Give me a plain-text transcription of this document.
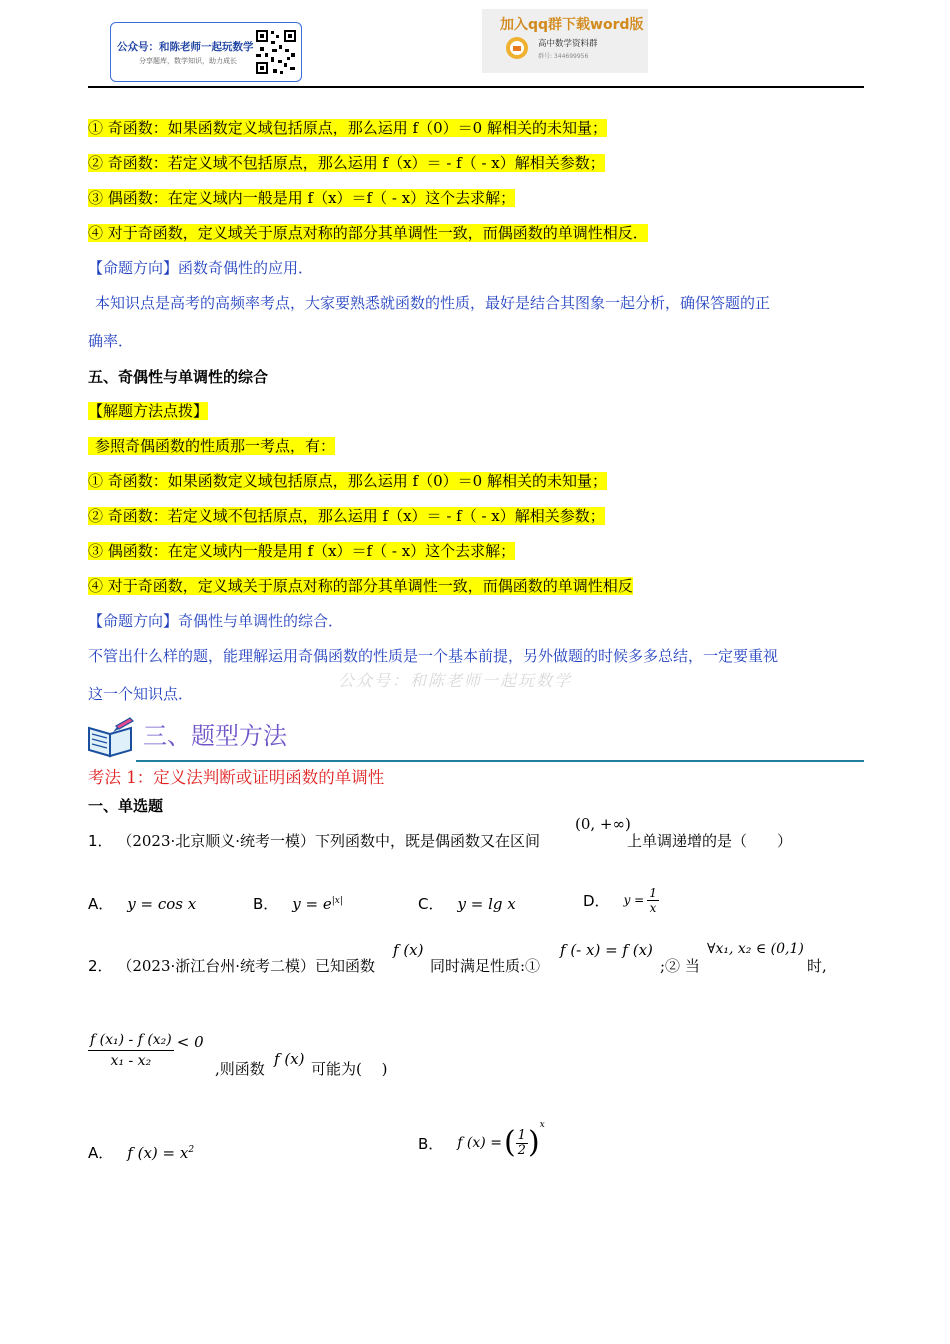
公众号：和陈老师一起玩数学
分享题库，数学知识，助力成长
加入qq群下载word版
高中数学资料群
群号: 344699956
① 奇函数：如果函数定义域包括原点，那么运用 f（0）＝0 解相关的未知量；
② 奇函数：若定义域不包括原点，那么运用 f（x）＝ - f（ - x）解相关参数；
③ 偶函数：在定义域内一般是用 f（x）＝f（ - x）这个去求解；
④ 对于奇函数，定义域关于原点对称的部分其单调性一致，而偶函数的单调性相反．
【命题方向】函数奇偶性的应用．
本知识点是高考的高频率考点，大家要熟悉就函数的性质，最好是结合其图象一起分析，确保答题的正
确率．
五、奇偶性与单调性的综合
【解题方法点拨】
参照奇偶函数的性质那一考点，有：
① 奇函数：如果函数定义域包括原点，那么运用 f（0）＝0 解相关的未知量；
② 奇函数：若定义域不包括原点，那么运用 f（x）＝ - f（ - x）解相关参数；
③ 偶函数：在定义域内一般是用 f（x）＝f（ - x）这个去求解；
④ 对于奇函数，定义域关于原点对称的部分其单调性一致，而偶函数的单调性相反
【命题方向】奇偶性与单调性的综合．
不管出什么样的题，能理解运用奇偶函数的性质是一个基本前提，另外做题的时候多多总结，一定要重视
这一个知识点．
公众号：和陈老师一起玩数学
三、题型方法
考法 1：定义法判断或证明函数的单调性
一、单选题
1． （2023·北京顺义·统考一模）下列函数中，既是偶函数又在区间
(0, +∞)
上单调递增的是（　　）
A． y = cos x	B． $y = e^{|x|}$	C． y = lg x	D． $y = \frac{1}{x}$
2． （2023·浙江台州·统考二模）已知函数
f (x)
同时满足性质:①
f (- x) = f (x)
;② 当
∀x₁, x₂ ∈ (0,1)
时,
$\frac{\text{f (x₁) - f (x₂)}}{\text{x₁ - x₂}} < 0$
,则函数
f (x)
可能为(　 )
A． f $(x) = x^2$	B． f (x) = ( $\frac{1}{2} )^x$
